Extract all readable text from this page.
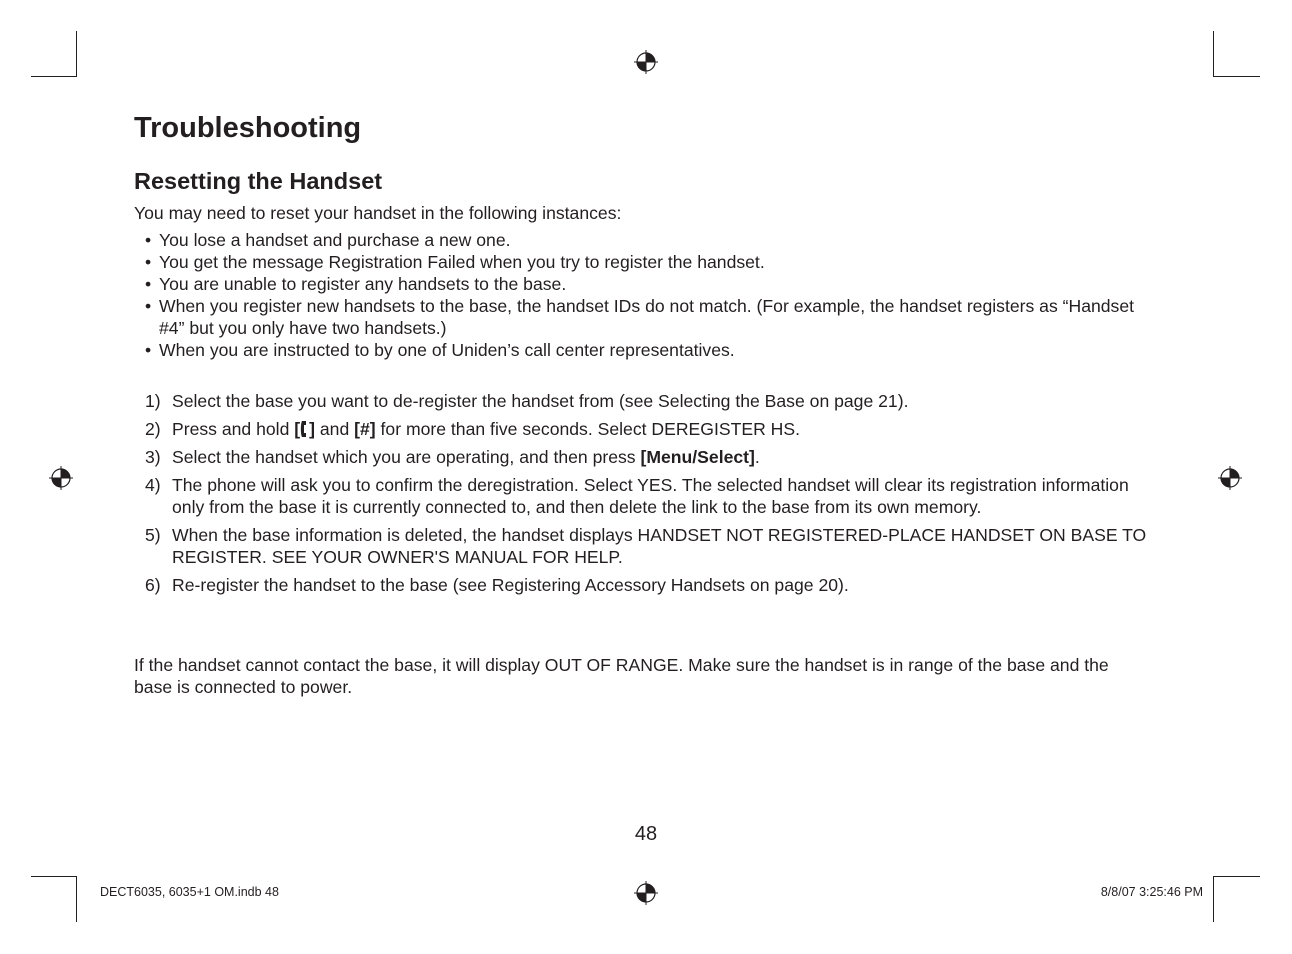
Troubleshooting
Resetting the Handset

You may need to reset your handset in the following instances:

• You lose a handset and purchase a new one.
• You get the message Registration Failed when you try to register the handset.
• You are unable to register any handsets to the base.
• When you register new handsets to the base, the handset IDs do not match. (For example, the handset registers as “Handset #4” but you only have two handsets.)
• When you are instructed to by one of Uniden’s call center representatives.
1) Select the base you want to de-register the handset from (see Selecting the Base on page 21).
2) Press and hold [ ] and [#] for more than five seconds. Select DEREGISTER HS.
3) Select the handset which you are operating, and then press [Menu/Select].
4) The phone will ask you to confirm the deregistration. Select YES. The selected handset will clear its registration information only from the base it is currently connected to, and then delete the link to the base from its own memory.
5) When the base information is deleted, the handset displays HANDSET NOT REGISTERED-PLACE HANDSET ON BASE TO REGISTER. SEE YOUR OWNER'S MANUAL FOR HELP.
6) Re-register the handset to the base (see Registering Accessory Handsets on page 20).

If the handset cannot contact the base, it will display OUT OF RANGE. Make sure the handset is in range of the base and the base is connected to power.

48
DECT6035, 6035+1 OM.indb 48	8/8/07 3:25:46 PM
